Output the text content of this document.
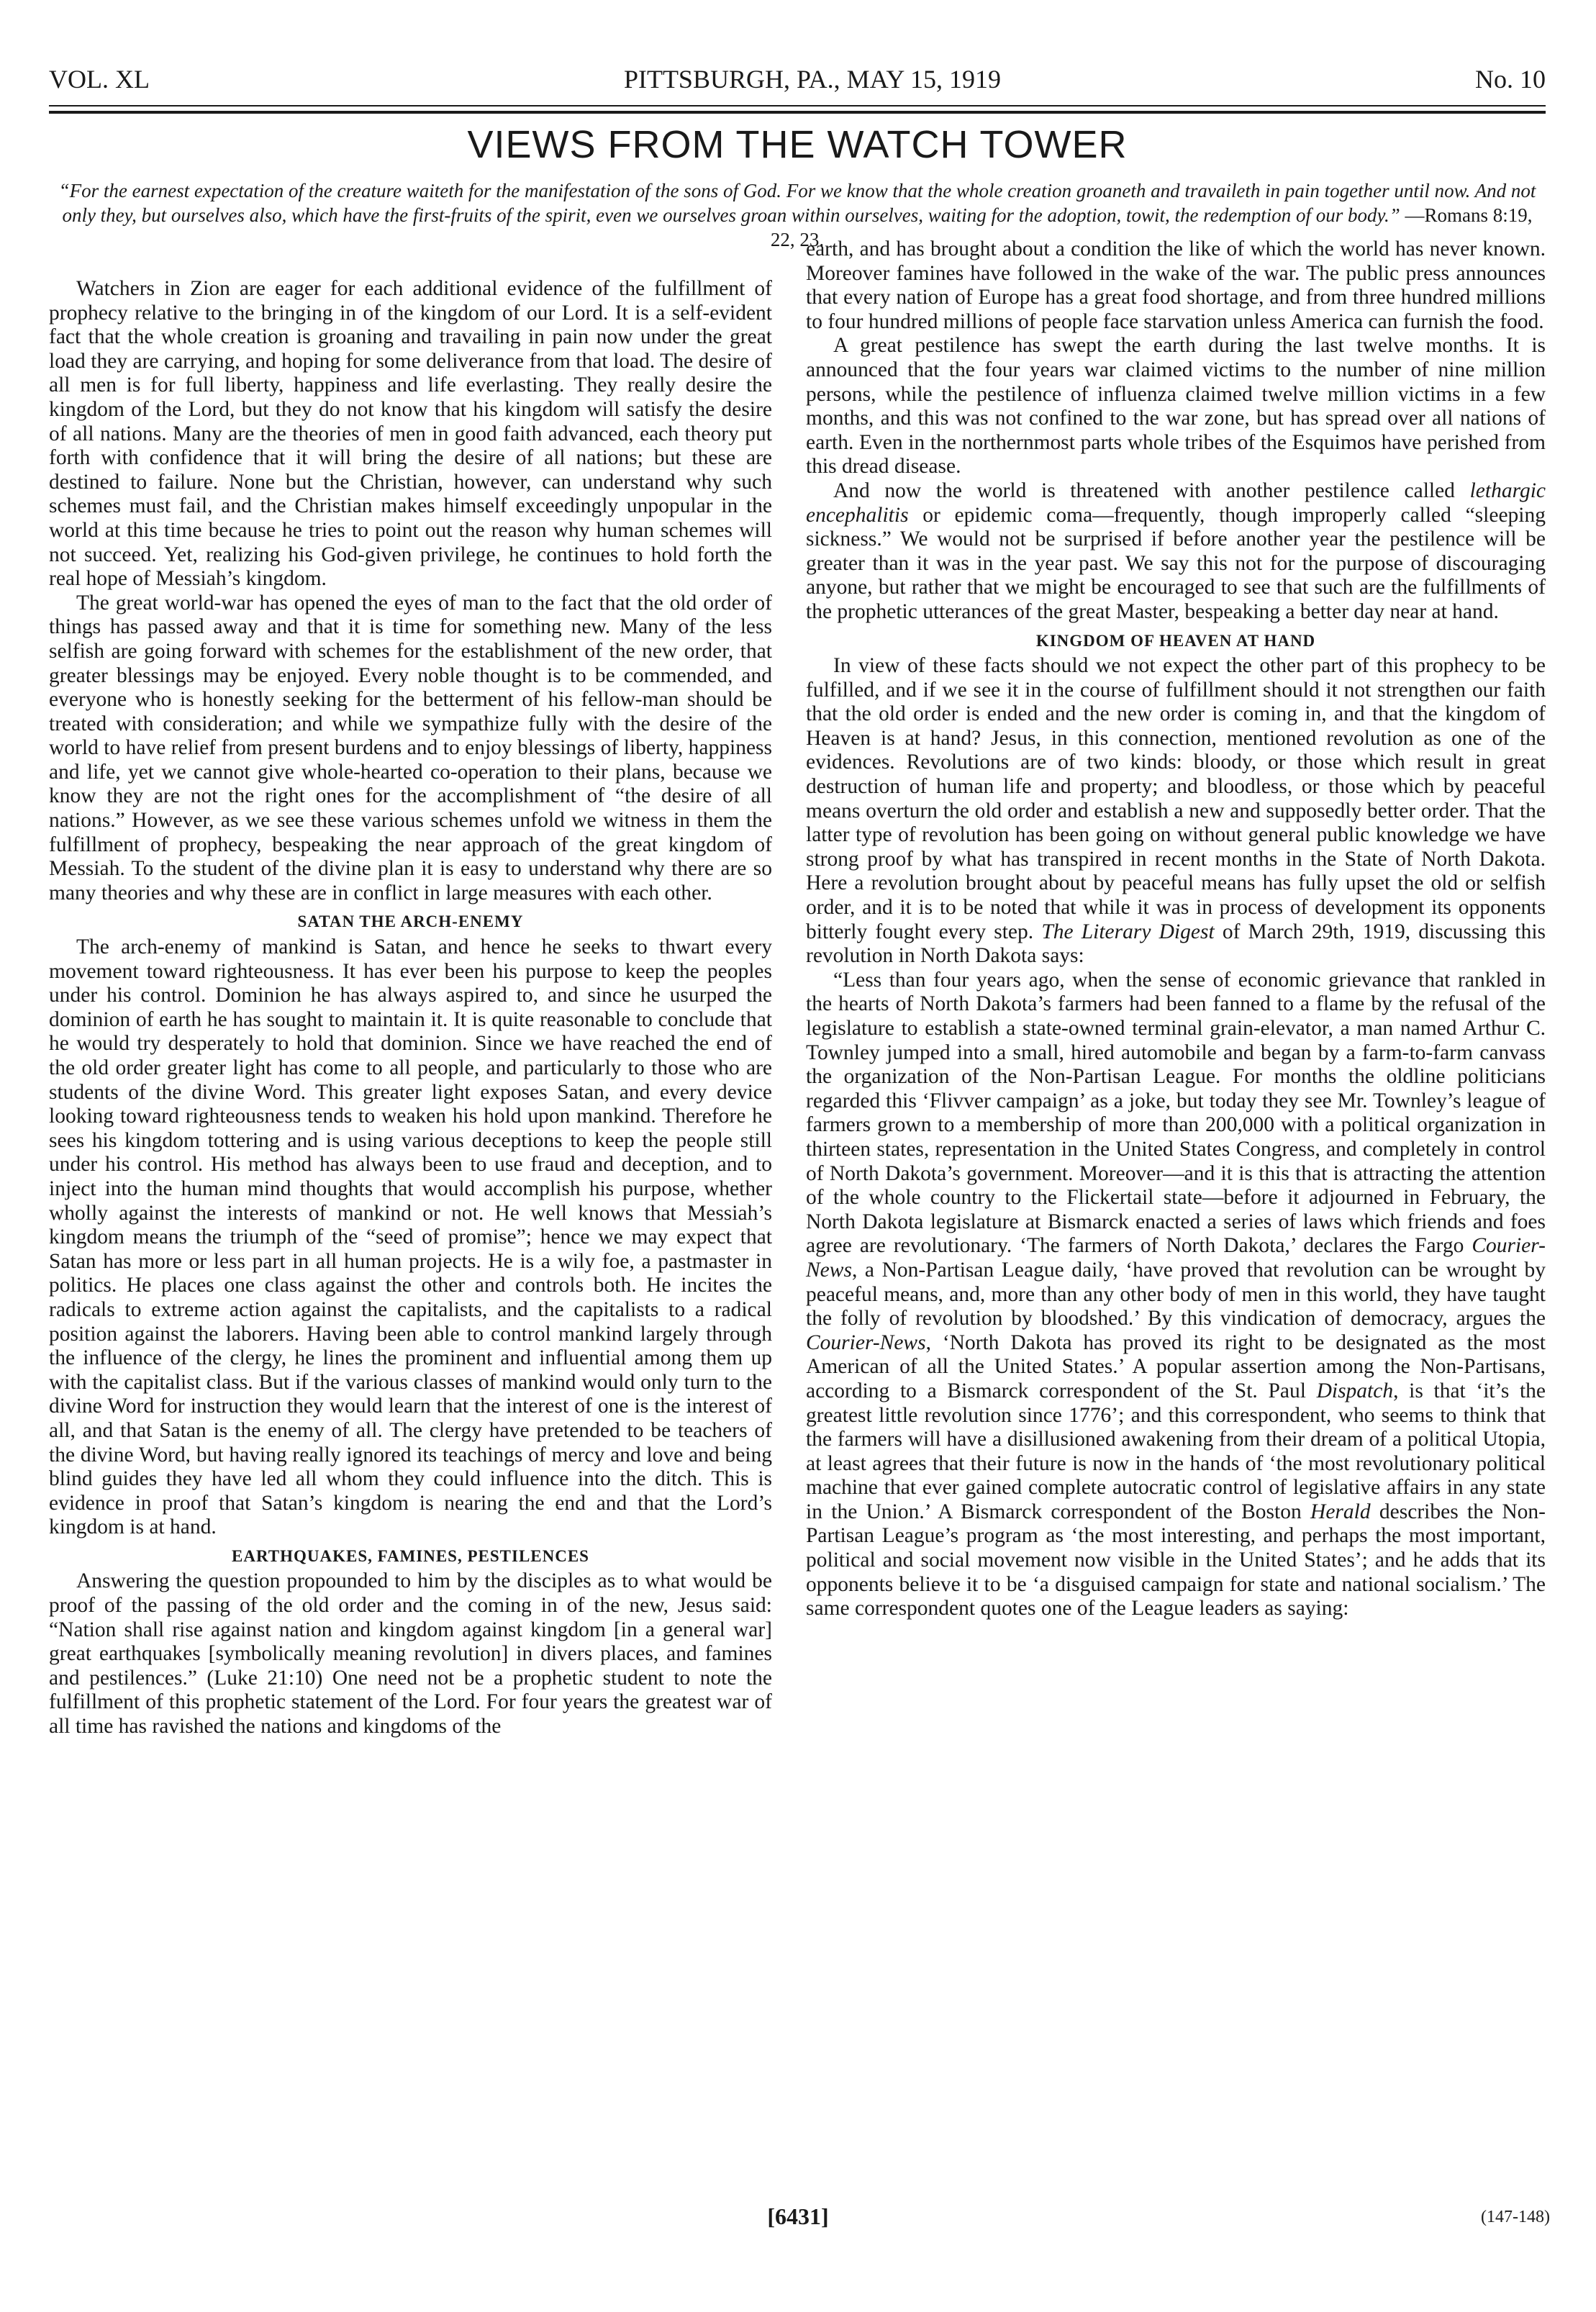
VOL. XL	PITTSBURGH, PA., MAY 15, 1919	No. 10
VIEWS FROM THE WATCH TOWER
“For the earnest expectation of the creature waiteth for the manifestation of the sons of God. For we know that the whole creation groaneth and travaileth in pain together until now. And not only they, but ourselves also, which have the first-fruits of the spirit, even we ourselves groan within ourselves, waiting for the adoption, towit, the redemption of our body.” —Romans 8:19, 22, 23.

Watchers in Zion are eager for each additional evidence of the fulfillment of prophecy relative to the bringing in of the kingdom of our Lord. It is a self-evident fact that the whole creation is groaning and travailing in pain now under the great load they are carrying, and hoping for some deliverance from that load. The desire of all men is for full liberty, happiness and life everlasting. They really desire the kingdom of the Lord, but they do not know that his kingdom will satisfy the desire of all nations. Many are the theories of men in good faith advanced, each theory put forth with confidence that it will bring the desire of all nations; but these are destined to failure. None but the Christian, however, can understand why such schemes must fail, and the Christian makes himself exceedingly unpopular in the world at this time because he tries to point out the reason why human schemes will not succeed. Yet, realizing his God-given privilege, he continues to hold forth the real hope of Messiah’s kingdom.

The great world-war has opened the eyes of man to the fact that the old order of things has passed away and that it is time for something new. Many of the less selfish are going forward with schemes for the establishment of the new order, that greater blessings may be enjoyed. Every noble thought is to be commended, and everyone who is honestly seeking for the betterment of his fellow-man should be treated with consideration; and while we sympathize fully with the desire of the world to have relief from present burdens and to enjoy blessings of liberty, happiness and life, yet we cannot give whole-hearted co-operation to their plans, because we know they are not the right ones for the accomplishment of “the desire of all nations.” However, as we see these various schemes unfold we witness in them the fulfillment of prophecy, bespeaking the near approach of the great kingdom of Messiah. To the student of the divine plan it is easy to understand why there are so many theories and why these are in conflict in large measures with each other.

SATAN THE ARCH-ENEMY

The arch-enemy of mankind is Satan, and hence he seeks to thwart every movement toward righteousness. It has ever been his purpose to keep the peoples under his control. Dominion he has always aspired to, and since he usurped the dominion of earth he has sought to maintain it. It is quite reasonable to conclude that he would try desperately to hold that dominion. Since we have reached the end of the old order greater light has come to all people, and particularly to those who are students of the divine Word. This greater light exposes Satan, and every device looking toward righteousness tends to weaken his hold upon mankind. Therefore he sees his kingdom tottering and is using various deceptions to keep the people still under his control. His method has always been to use fraud and deception, and to inject into the human mind thoughts that would accomplish his purpose, whether wholly against the interests of mankind or not. He well knows that Messiah’s kingdom means the triumph of the “seed of promise”; hence we may expect that Satan has more or less part in all human projects. He is a wily foe, a pastmaster in politics. He places one class against the other and controls both. He incites the radicals to extreme action against the capitalists, and the capitalists to a radical position against the laborers. Having been able to control mankind largely through the influence of the clergy, he lines the prominent and influential among them up with the capitalist class. But if the various classes of mankind would only turn to the divine Word for instruction they would learn that the interest of one is the interest of all, and that Satan is the enemy of all. The clergy have pretended to be teachers of the divine Word, but having really ignored its teachings of mercy and love and being blind guides they have led all whom they could influence into the ditch. This is evidence in proof that Satan’s kingdom is nearing the end and that the Lord’s kingdom is at hand.

EARTHQUAKES, FAMINES, PESTILENCES

Answering the question propounded to him by the disciples as to what would be proof of the passing of the old order and the coming in of the new, Jesus said: “Nation shall rise against nation and kingdom against kingdom [in a general war] great earthquakes [symbolically meaning revolution] in divers places, and famines and pestilences.” (Luke 21:10) One need not be a prophetic student to note the fulfillment of this prophetic statement of the Lord. For four years the greatest war of all time has ravished the nations and kingdoms of the

earth, and has brought about a condition the like of which the world has never known. Moreover famines have followed in the wake of the war. The public press announces that every nation of Europe has a great food shortage, and from three hundred millions to four hundred millions of people face starvation unless America can furnish the food.

A great pestilence has swept the earth during the last twelve months. It is announced that the four years war claimed victims to the number of nine million persons, while the pestilence of influenza claimed twelve million victims in a few months, and this was not confined to the war zone, but has spread over all nations of earth. Even in the northernmost parts whole tribes of the Esquimos have perished from this dread disease.

And now the world is threatened with another pestilence called lethargic encephalitis or epidemic coma—frequently, though improperly called “sleeping sickness.” We would not be surprised if before another year the pestilence will be greater than it was in the year past. We say this not for the purpose of discouraging anyone, but rather that we might be encouraged to see that such are the fulfillments of the prophetic utterances of the great Master, bespeaking a better day near at hand.

KINGDOM OF HEAVEN AT HAND

In view of these facts should we not expect the other part of this prophecy to be fulfilled, and if we see it in the course of fulfillment should it not strengthen our faith that the old order is ended and the new order is coming in, and that the kingdom of Heaven is at hand? Jesus, in this connection, mentioned revolution as one of the evidences. Revolutions are of two kinds: bloody, or those which result in great destruction of human life and property; and bloodless, or those which by peaceful means overturn the old order and establish a new and supposedly better order. That the latter type of revolution has been going on without general public knowledge we have strong proof by what has transpired in recent months in the State of North Dakota. Here a revolution brought about by peaceful means has fully upset the old or selfish order, and it is to be noted that while it was in process of development its opponents bitterly fought every step. The Literary Digest of March 29th, 1919, discussing this revolution in North Dakota says:

“Less than four years ago, when the sense of economic grievance that rankled in the hearts of North Dakota’s farmers had been fanned to a flame by the refusal of the legislature to establish a state-owned terminal grain-elevator, a man named Arthur C. Townley jumped into a small, hired automobile and began by a farm-to-farm canvass the organization of the Non-Partisan League. For months the oldline politicians regarded this ‘Flivver campaign’ as a joke, but today they see Mr. Townley’s league of farmers grown to a membership of more than 200,000 with a political organization in thirteen states, representation in the United States Congress, and completely in control of North Dakota’s government. Moreover—and it is this that is attracting the attention of the whole country to the Flickertail state—before it adjourned in February, the North Dakota legislature at Bismarck enacted a series of laws which friends and foes agree are revolutionary. ‘The farmers of North Dakota,’ declares the Fargo Courier-News, a Non-Partisan League daily, ‘have proved that revolution can be wrought by peaceful means, and, more than any other body of men in this world, they have taught the folly of revolution by bloodshed.’ By this vindication of democracy, argues the Courier-News, ‘North Dakota has proved its right to be designated as the most American of all the United States.’ A popular assertion among the Non-Partisans, according to a Bismarck correspondent of the St. Paul Dispatch, is that ‘it’s the greatest little revolution since 1776’; and this correspondent, who seems to think that the farmers will have a disillusioned awakening from their dream of a political Utopia, at least agrees that their future is now in the hands of ‘the most revolutionary political machine that ever gained complete autocratic control of legislative affairs in any state in the Union.’ A Bismarck correspondent of the Boston Herald describes the Non-Partisan League’s program as ‘the most interesting, and perhaps the most important, political and social movement now visible in the United States’; and he adds that its opponents believe it to be ‘a disguised campaign for state and national socialism.’ The same correspondent quotes one of the League leaders as saying:

[6431]	(147-148)
